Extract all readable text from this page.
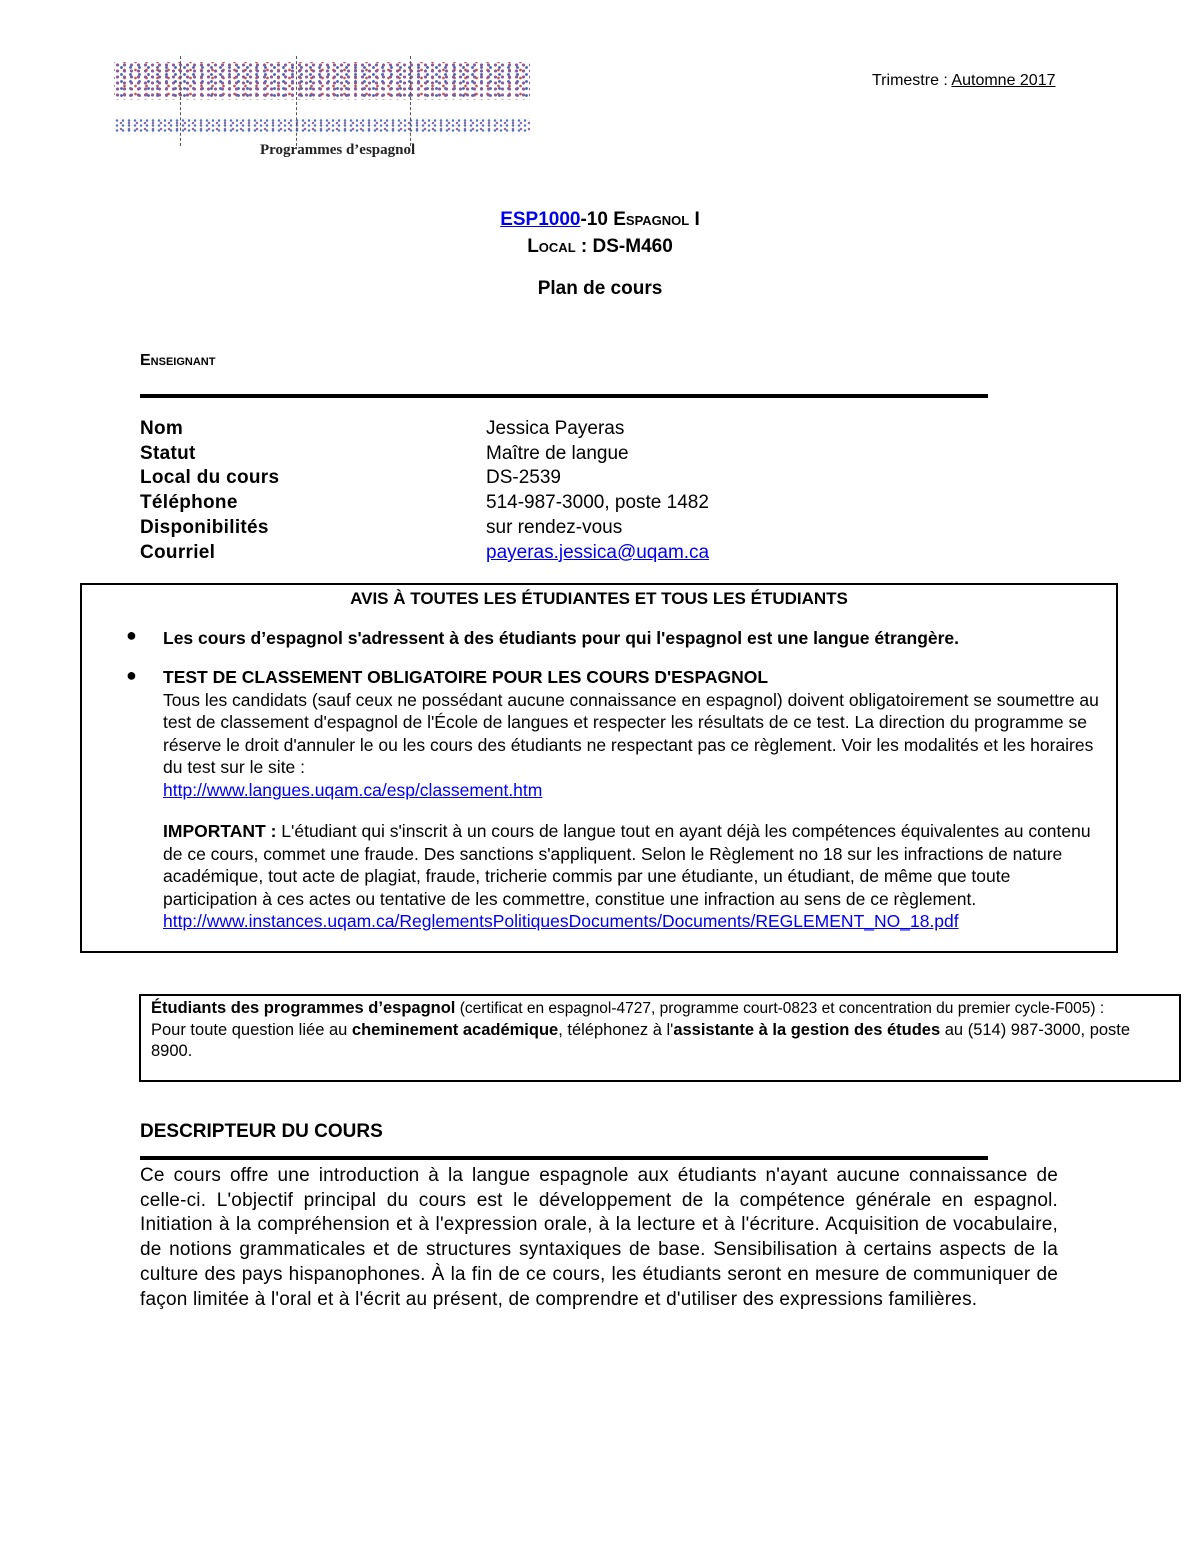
Programmes d’espagnol
Trimestre : Automne 2017
ESP1000-10 Espagnol I
Local : DS-M460
Plan de cours
Enseignant
Nom	Jessica Payeras
Statut	Maître de langue
Local du cours	DS-2539
Téléphone	514-987-3000, poste 1482
Disponibilités	sur rendez-vous
Courriel	payeras.jessica@uqam.ca
AVIS À TOUTES LES ÉTUDIANTES ET TOUS LES ÉTUDIANTS
● Les cours d’espagnol s'adressent à des étudiants pour qui l'espagnol est une langue étrangère.
● TEST DE CLASSEMENT OBLIGATOIRE POUR LES COURS D'ESPAGNOL
Tous les candidats (sauf ceux ne possédant aucune connaissance en espagnol) doivent obligatoirement se soumettre au test de classement d'espagnol de l'École de langues et respecter les résultats de ce test. La direction du programme se réserve le droit d'annuler le ou les cours des étudiants ne respectant pas ce règlement. Voir les modalités et les horaires du test sur le site :
http://www.langues.uqam.ca/esp/classement.htm
IMPORTANT : L'étudiant qui s'inscrit à un cours de langue tout en ayant déjà les compétences équivalentes au contenu de ce cours, commet une fraude. Des sanctions s'appliquent. Selon le Règlement no 18 sur les infractions de nature académique, tout acte de plagiat, fraude, tricherie commis par une étudiante, un étudiant, de même que toute participation à ces actes ou tentative de les commettre, constitue une infraction au sens de ce règlement.
http://www.instances.uqam.ca/ReglementsPolitiquesDocuments/Documents/REGLEMENT_NO_18.pdf
Étudiants des programmes d’espagnol (certificat en espagnol-4727, programme court-0823 et concentration du premier cycle-F005) :
Pour toute question liée au cheminement académique, téléphonez à l'assistante à la gestion des études au (514) 987-3000, poste 8900.
DESCRIPTEUR DU COURS
Ce cours offre une introduction à la langue espagnole aux étudiants n'ayant aucune connaissance de celle-ci. L'objectif principal du cours est le développement de la compétence générale en espagnol. Initiation à la compréhension et à l'expression orale, à la lecture et à l'écriture. Acquisition de vocabulaire, de notions grammaticales et de structures syntaxiques de base. Sensibilisation à certains aspects de la culture des pays hispanophones. À la fin de ce cours, les étudiants seront en mesure de communiquer de façon limitée à l'oral et à l'écrit au présent, de comprendre et d'utiliser des expressions familières.
